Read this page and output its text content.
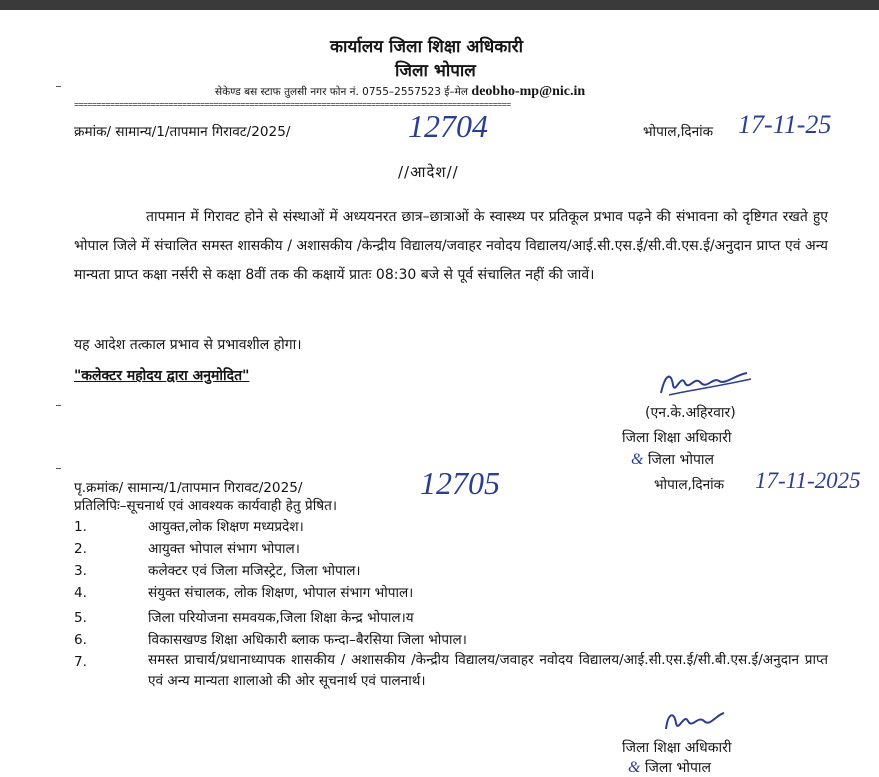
कार्यालय जिला शिक्षा अधिकारी
जिला भोपाल
सेकेण्ड बस स्टाफ तुलसी नगर फोन नं. 0755–2557523 ई–मेल deobho-mp@nic.in
=================================================================================================
क्रमांक/ सामान्य/1/तापमान गिरावट/2025/	12704	भोपाल,दिनांक 17-11-25
//आदेश//
तापमान में गिरावट होने से संस्थाओं में अध्ययनरत छात्र–छात्राओं के स्वास्थ्य पर प्रतिकूल प्रभाव पढ़ने की संभावना को दृष्टिगत रखते हुए भोपाल जिले में संचालित समस्त शासकीय / अशासकीय /केन्द्रीय विद्यालय/जवाहर नवोदय विद्यालय/आई.सी.एस.ई/सी.वी.एस.ई/अनुदान प्राप्त एवं अन्य मान्यता प्राप्त कक्षा नर्सरी से कक्षा 8वीं तक की कक्षायें प्रातः 08:30 बजे से पूर्व संचालित नहीं की जावें।
यह आदेश तत्काल प्रभाव से प्रभावशील होगा।
"कलेक्टर महोदय द्वारा अनुमोदित"
(एन.के.अहिरवार)
जिला शिक्षा अधिकारी
& जिला भोपाल
पृ.क्रमांक/ सामान्य/1/तापमान गिरावट/2025/	12705	भोपाल,दिनांक 17-11-2025
प्रतिलिपिः–सूचनार्थ एवं आवश्यक कार्यवाही हेतु प्रेषित।
1.	आयुक्त,लोक शिक्षण मध्यप्रदेश।
2.	आयुक्त भोपाल संभाग भोपाल।
3.	कलेक्टर एवं जिला मजिस्ट्रेट, जिला भोपाल।
4.	संयुक्त संचालक, लोक शिक्षण, भोपाल संभाग भोपाल।
5.	जिला परियोजना समवयक,जिला शिक्षा केन्द्र भोपाल।य
6.	विकासखण्ड शिक्षा अधिकारी ब्लाक फन्दा–बैरसिया जिला भोपाल।
7.	समस्त प्राचार्य/प्रधानाध्यापक शासकीय / अशासकीय /केन्द्रीय विद्यालय/जवाहर नवोदय विद्यालय/आई.सी.एस.ई/सी.बी.एस.ई/अनुदान प्राप्त एवं अन्य मान्यता शालाओ की ओर सूचनार्थ एवं पालनार्थ।
जिला शिक्षा अधिकारी
& जिला भोपाल
